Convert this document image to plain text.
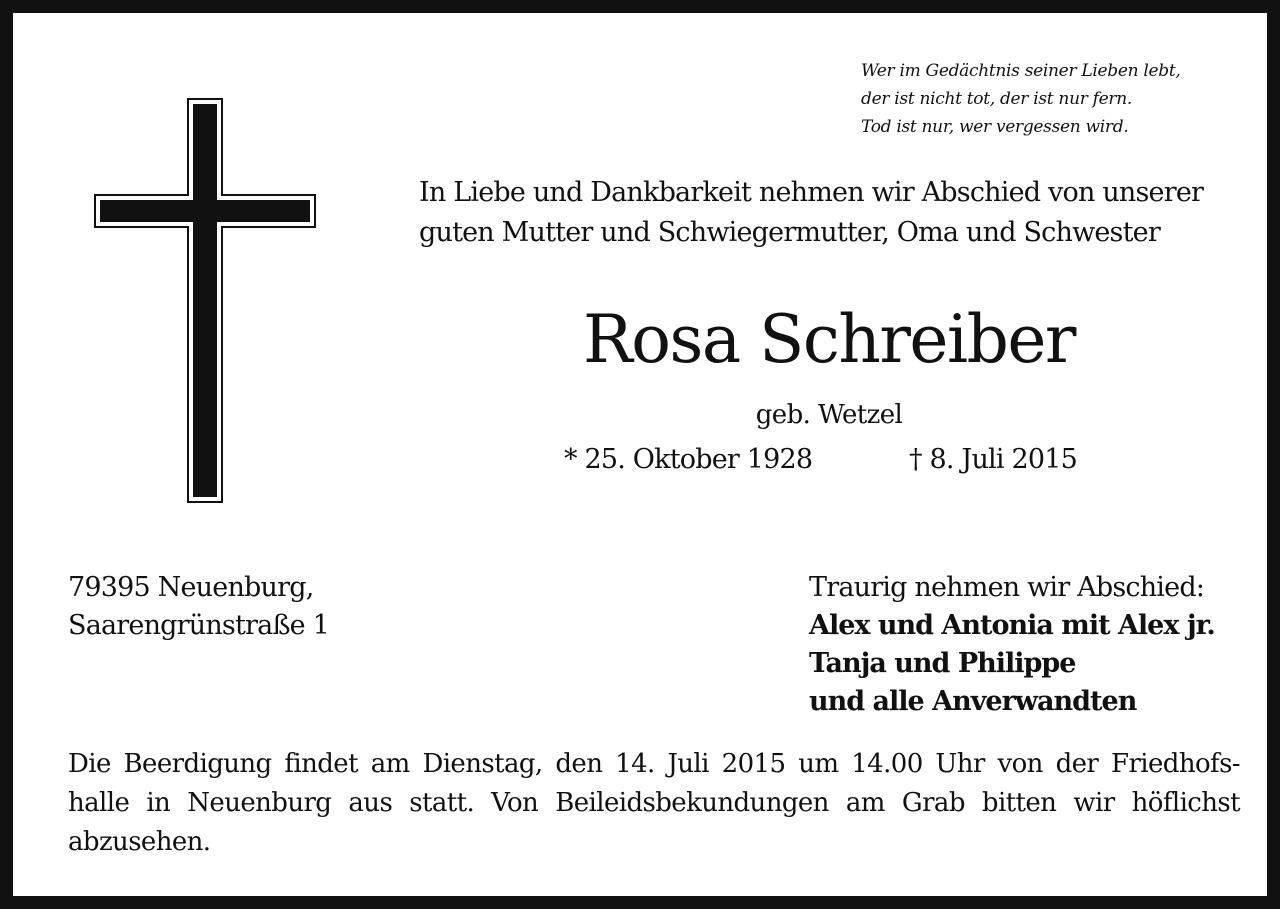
Wer im Gedächtnis seiner Lieben lebt,
der ist nicht tot, der ist nur fern.
Tod ist nur, wer vergessen wird.
In Liebe und Dankbarkeit nehmen wir Abschied von unserer
guten Mutter und Schwiegermutter, Oma und Schwester
Rosa Schreiber
geb. Wetzel
* 25. Oktober 1928	† 8. Juli 2015
79395 Neuenburg,
Saarengrünstraße 1
Traurig nehmen wir Abschied:
Alex und Antonia mit Alex jr.
Tanja und Philippe
und alle Anverwandten
Die Beerdigung findet am Dienstag, den 14. Juli 2015 um 14.00 Uhr von der Friedhofs-
halle in Neuenburg aus statt. Von Beileidsbekundungen am Grab bitten wir höflichst
abzusehen.
